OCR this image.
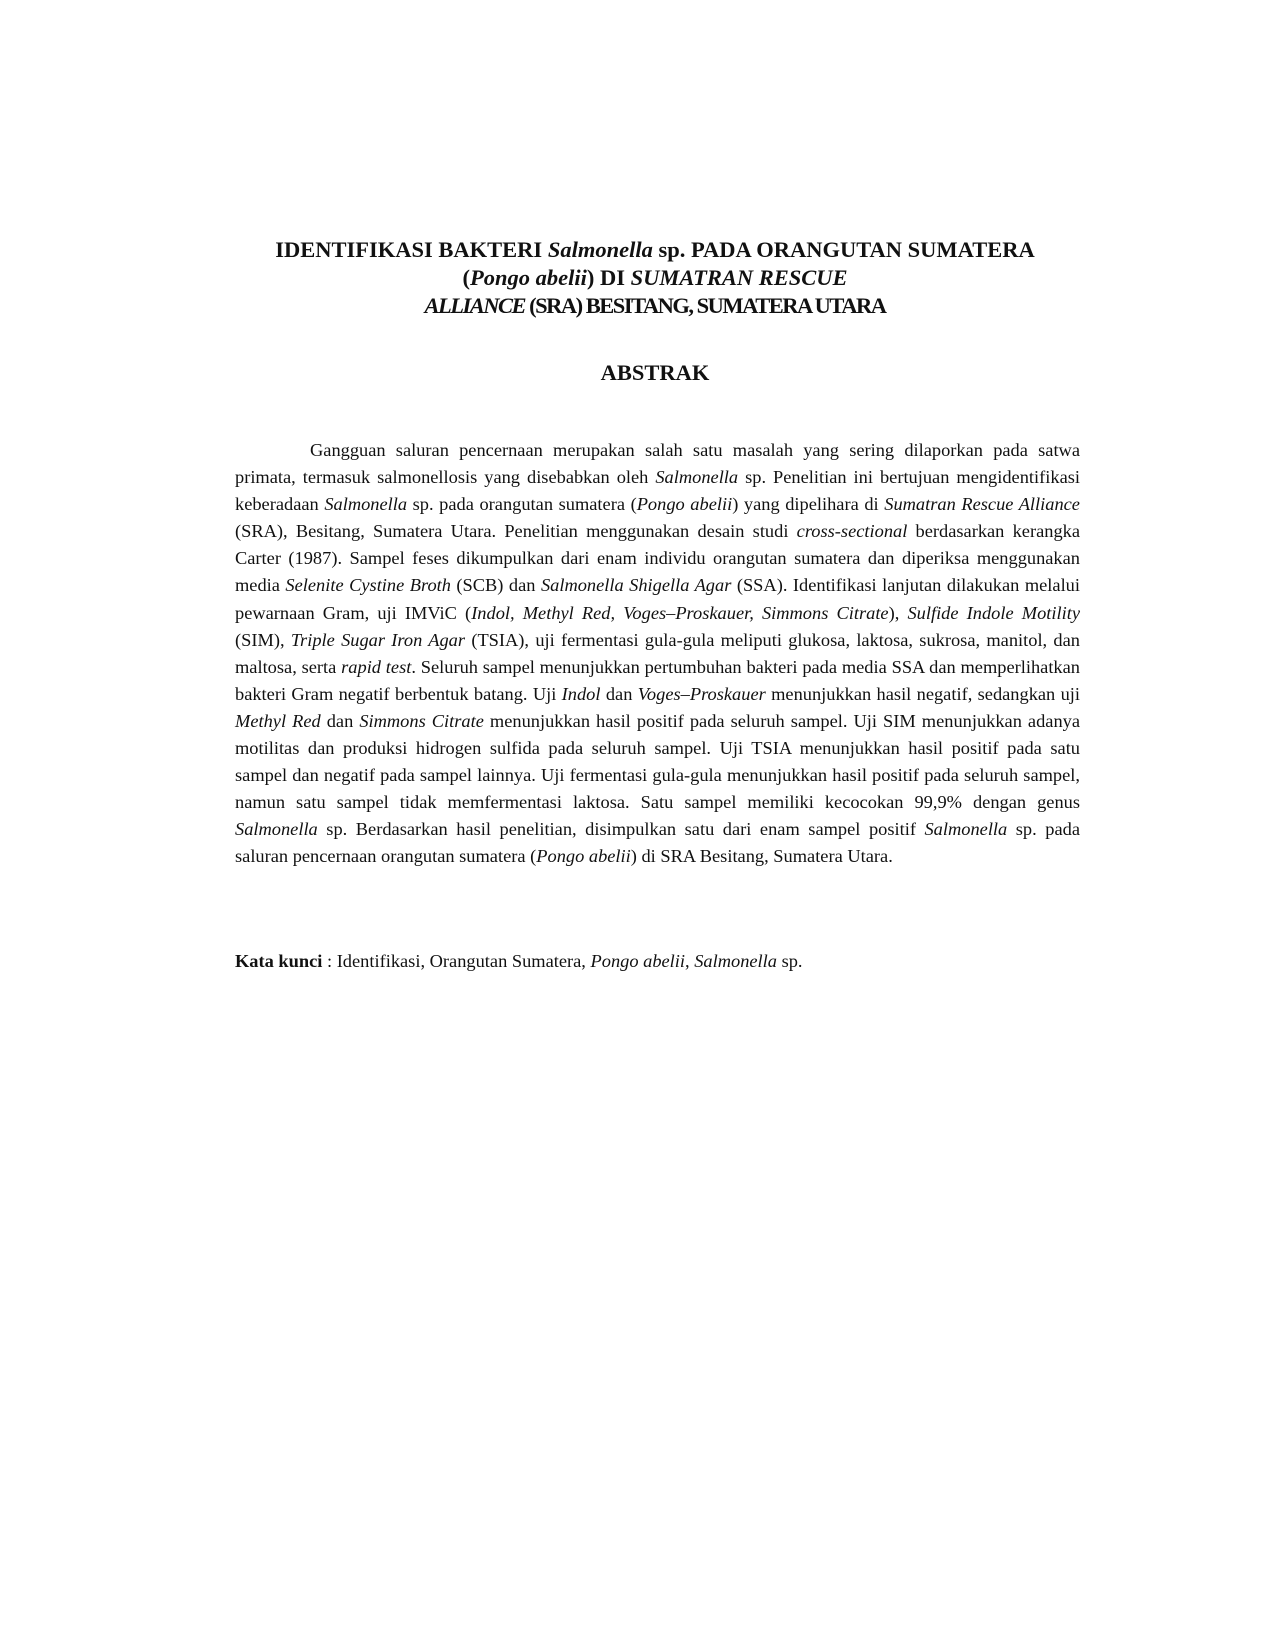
IDENTIFIKASI BAKTERI Salmonella sp. PADA ORANGUTAN SUMATERA
(Pongo abelii) DI SUMATRAN RESCUE
ALLIANCE (SRA) BESITANG, SUMATERA UTARA
ABSTRAK

Gangguan saluran pencernaan merupakan salah satu masalah yang sering dilaporkan pada satwa primata, termasuk salmonellosis yang disebabkan oleh Salmonella sp. Penelitian ini bertujuan mengidentifikasi keberadaan Salmonella sp. pada orangutan sumatera (Pongo abelii) yang dipelihara di Sumatran Rescue Alliance (SRA), Besitang, Sumatera Utara. Penelitian menggunakan desain studi cross-sectional berdasarkan kerangka Carter (1987). Sampel feses dikumpulkan dari enam individu orangutan sumatera dan diperiksa menggunakan media Selenite Cystine Broth (SCB) dan Salmonella Shigella Agar (SSA). Identifikasi lanjutan dilakukan melalui pewarnaan Gram, uji IMViC (Indol, Methyl Red, Voges–Proskauer, Simmons Citrate), Sulfide Indole Motility (SIM), Triple Sugar Iron Agar (TSIA), uji fermentasi gula-gula meliputi glukosa, laktosa, sukrosa, manitol, dan maltosa, serta rapid test. Seluruh sampel menunjukkan pertumbuhan bakteri pada media SSA dan memperlihatkan bakteri Gram negatif berbentuk batang. Uji Indol dan Voges–Proskauer menunjukkan hasil negatif, sedangkan uji Methyl Red dan Simmons Citrate menunjukkan hasil positif pada seluruh sampel. Uji SIM menunjukkan adanya motilitas dan produksi hidrogen sulfida pada seluruh sampel. Uji TSIA menunjukkan hasil positif pada satu sampel dan negatif pada sampel lainnya. Uji fermentasi gula-gula menunjukkan hasil positif pada seluruh sampel, namun satu sampel tidak memfermentasi laktosa. Satu sampel memiliki kecocokan 99,9% dengan genus Salmonella sp. Berdasarkan hasil penelitian, disimpulkan satu dari enam sampel positif Salmonella sp. pada saluran pencernaan orangutan sumatera (Pongo abelii) di SRA Besitang, Sumatera Utara.

Kata kunci : Identifikasi, Orangutan Sumatera, Pongo abelii, Salmonella sp.
